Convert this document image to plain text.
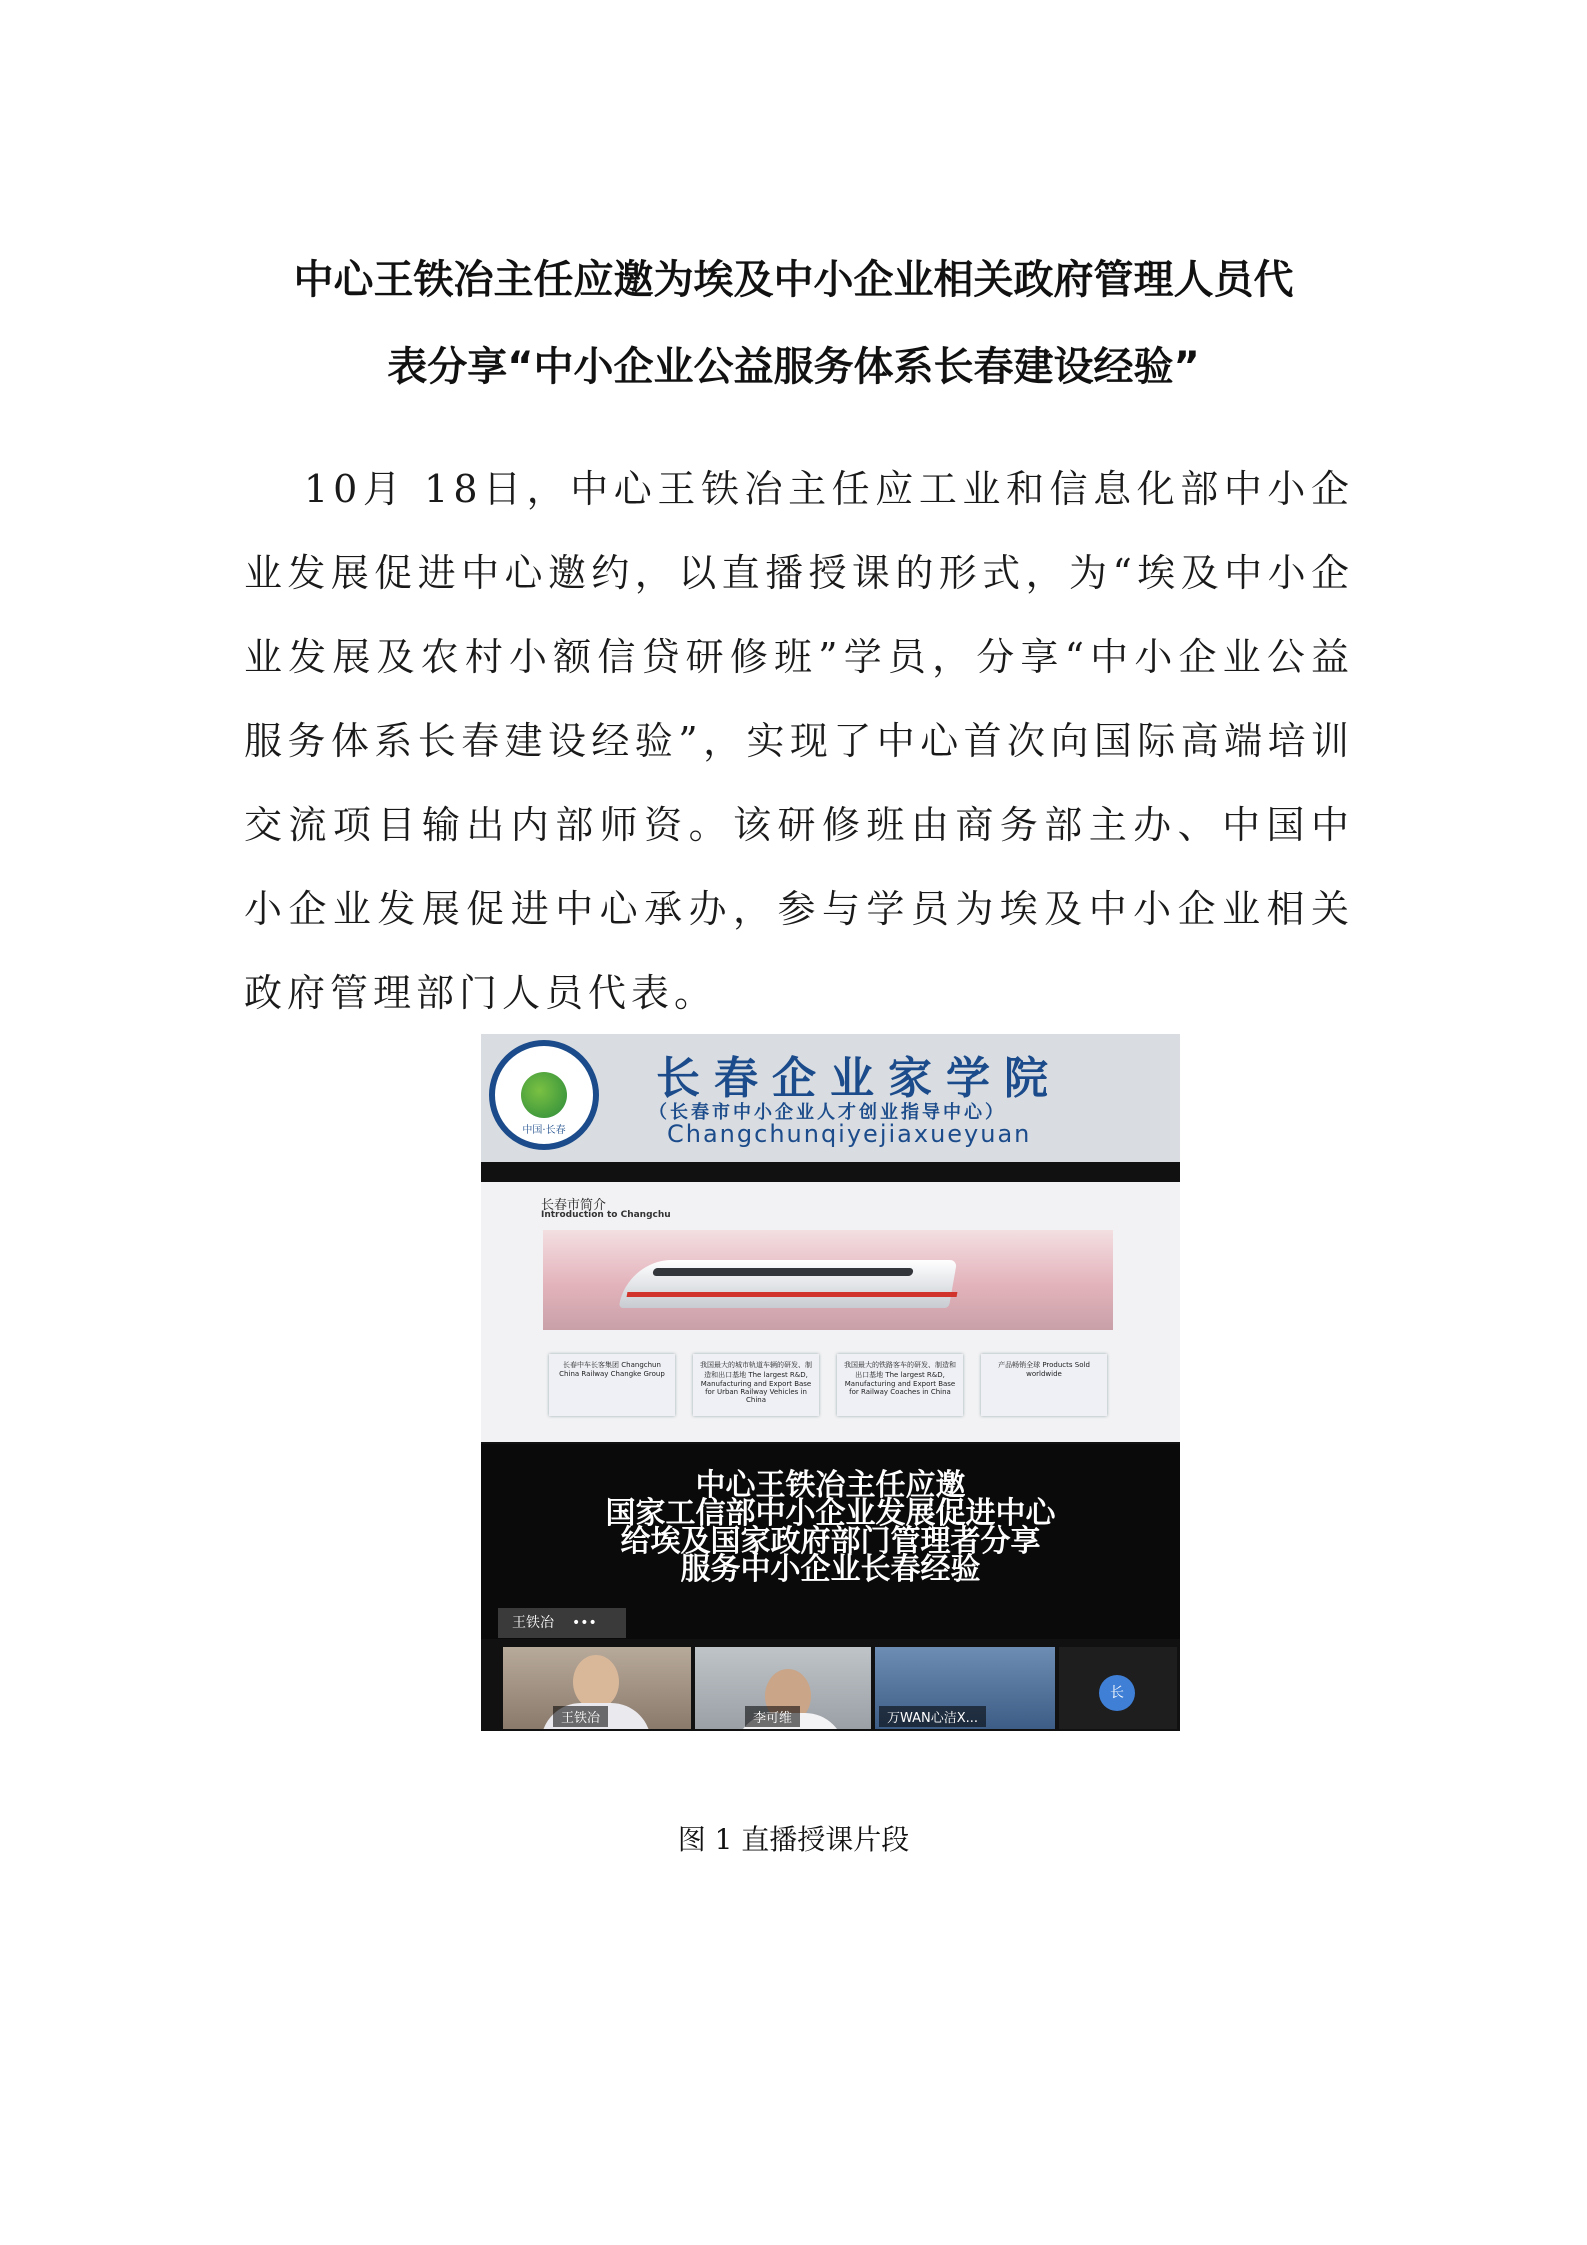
中心王铁冶主任应邀为埃及中小企业相关政府管理人员代
表分享“中小企业公益服务体系长春建设经验”
10月 18日，中心王铁冶主任应工业和信息化部中小企业发展促进中心邀约，以直播授课的形式，为“埃及中小企业发展及农村小额信贷研修班”学员，分享“中小企业公益服务体系长春建设经验”，实现了中心首次向国际高端培训交流项目输出内部师资。该研修班由商务部主办、中国中小企业发展促进中心承办，参与学员为埃及中小企业相关政府管理部门人员代表。
中国·长春
长春企业家学院
（长春市中小企业人才创业指导中心）
Changchunqiyejiaxueyuan
长春市简介
Introduction to Changchu
长春中车长客集团 Changchun China Railway Changke Group
我国最大的城市轨道车辆的研发、制造和出口基地 The largest R&D, Manufacturing and Export Base for Urban Railway Vehicles in China
我国最大的铁路客车的研发、制造和出口基地 The largest R&D, Manufacturing and Export Base for Railway Coaches in China
产品畅销全球 Products Sold worldwide
中心王铁冶主任应邀
国家工信部中小企业发展促进中心
给埃及国家政府部门管理者分享
服务中小企业长春经验
王铁冶 •••
王铁冶	李可维	万WAN心洁X...
长
图 1 直播授课片段
